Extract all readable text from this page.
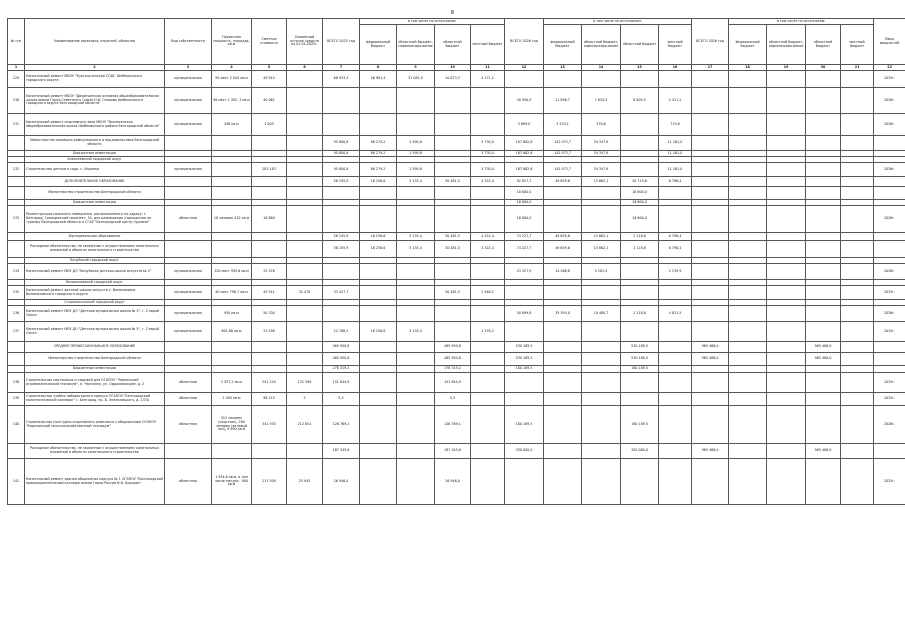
8
№ п/п	Наименование заказчика, отраслей, объектов	Вид собственности	Проектная мощность, площадь, кв.м	Сметная стоимость	Освоенный остаток средств на 01.01.2025г.	ВСЕГО 2025 год	в том числе по источникам:				ВСЕГО 2026 год	в том числе по источникам:				ВСЕГО 2026 год	в том числе по источникам:				Ввод мощностей
							федеральный бюджет	областной бюджет, софинансиро-вание	областной бюджет	местный бюджет		федеральный бюджет	областной бюджет, софинансиро-вание	областной бюджет	местный бюджет		Федеральный бюджет	областной бюджет, софинансиро-вание	областной бюджет	местный бюджет	
1	2	3	4	5	6	7	8	9	10	11	12	13	14	15	16	17	18	19	20	21	22
129	Капитальный ремонт МБОУ "Кургальченская СОШ" Шебекинского городского округа	муниципальная	95 мест 2 045 кв.м	49 910		68 933,4	26 981,4	31 081,9	10 673,3	4 171,2											2025г.
130	Капитальный ремонт МБОУ "Двуречанская основная общеобразовательная школа имени Героя Советского Союза Н.И. Озерова Шебекинского городского округа Белгородской области"	муниципальная	96 мест 1 392, 3 кв.м	40 061							40 950,9	21 896,7	7 834,5	8 805,5	2 411,2						2026г.
131	Капитальный ремонт спортивного зала МБОУ "Вознесенская общеобразовательная школа Шебекинского района Белгородской области"	муниципальная	298 кв.м	1 005							5 699,0	3 253,1	376,6		719,8						2026г.
	Министерство жилищно-коммунального и продовольствия Белгородской области					95 800,8	86 279,2	2 590,8		5 730,0	187 682,6	142 073,7	34 347,9		11 261,0						
	Бюджетные инвестиции					95 800,8	86 279,2	2 590,8		5 730,0	187 682,6	142 073,7	34 347,9		11 261,0						
	Алексеевский городской округ																				
132	Строительство детского сада, с. Ильинка	муниципальная		283 183		95 800,8	86 279,2	2 590,8		5 730,0	187 682,6	142 073,7	34 347,9		11 261,0						2026г.
	ДОПОЛНИТЕЛЬНОЕ ОБРАЗОВАНИЕ					56 195,9	16 256,6	5 135,4	30 481,5	4 322,4	92 827,7	49 659,6	15 662,1	20 719,6	6 798,4						
	Министерство строительства Белгородской области										18 600,0			18 600,0							
	Бюджетные инвестиции										18 600,0			18 600,0							
133	Реконструкция нежилого помещения, расположенного по адресу: г. Белгород, Гражданский проспект, 54, для размещения учреждения по туризму Белгородской области и СГАУ "Белгородский центр туризма"	областная	18 человек 432 кв.м	18 860							18 600,0			18 600,0							2026г.
	Муниципальные образования					56 195,9	16 256,6	5 135,4	30 481,5	4 322,4	74 227,7	49 659,6	15 662,1	2 118,6	6 798,4						
	Расходные обязательства, не связанные с осуществлением капитальных вложений в объекты капитального строительства					56 195,9	16 256,6	5 135,4	30 481,5	4 322,4	74 227,7	49 659,6	15 662,1	2 118,6	6 798,4						
	Валуйский городской округ																				
134	Капитальный ремонт МБУ ДО "Валуйская детская школа искусств № 2"	муниципальная	120 мест 595,6 кв.м	25 528							23 327,9	14 266,6	5 181,4		2 139,9						2026г.
	Волоконовский городской округ																				
135	Капитальный ремонт детской школы искусств с. Волоконовка Волоконовского городского округа	муниципальная	40 мест 798,7 кв.м	49 341	32 470	33 427,7			30 481,5	2 946,2											2025г.
	Старооскольский городской округ																				
136	Капитальный ремонт МБУ ДО "Детская музыкальная школа № 3", г. Старый Оскол	муниципальная	950 кв.м	50 700							50 899,8	35 393,0	10 480,7	2 118,6	4 831,5						2026г.
137	Капитальный ремонт МБУ ДО "Детская музыкальная школа № 5", г. Старый Оскол	муниципальная	601,88 кв.м	23 296		22 768,2	16 256,6	5 135,4		1 376,2											2025г.
	СРЕДНЕЕ ПРОФЕССИОНАЛЬНОЕ ОБРАЗОВАНИЕ					465 950,8			465 950,8		530 189,5			530 189,5		965 486,0			965 486,0		
	Министерство строительства Белгородской области					465 950,8			465 950,8		530 189,5			530 189,5		965 486,0			965 486,0		
	Бюджетные инвестиции					278 319,2			278 319,2		180 189,5			180 189,5							
138	Строительство мастерских и гаражей для ОГАПОУ "Чернянский агромеханический техникум", п. Чернянка, ул. Орджоникидзе, д. 2	областная	2 557,2 кв.м	291 245	131 599	151 844,9			151 844,9												2025г.
139	Строительство учебно-лабораторного корпуса ОГАПОУ "Белгородский политехнический колледж" г. Белгород, пр. Б. Хмельницкого, д. 137А	областная	1 495 кв.м	96 115	5	5,3			5,3												2025г.
140	Строительство культурно-спортивного комплекса с общежитием ОГАПОУ "Корочанский сельскохозяйственный техникум"	областная	312 человек (спортзал), 200 человек (актовый зал), 9 090 кв.м	341 955	212 851	126 769,1			126 769,1		180 189,5			180 189,5							2026г.
	Расходные обязательства, не связанные с осуществлением капитальных вложений в объекты капитального строительства					187 345,6			187 345,6		350 000,0			350 000,0		965 486,0			965 486,0		
141	Капитальный ремонт здания общежития корпуса № 1 ОГАПОУ "Белгородский правоохранительный колледж имени Героя России В.В. Бурцева"	областная	1 934,6 кв.м, в том числе ниндзя - 900 кв.м	217 509	25 945	26 946,0			26 946,0												2025г.
